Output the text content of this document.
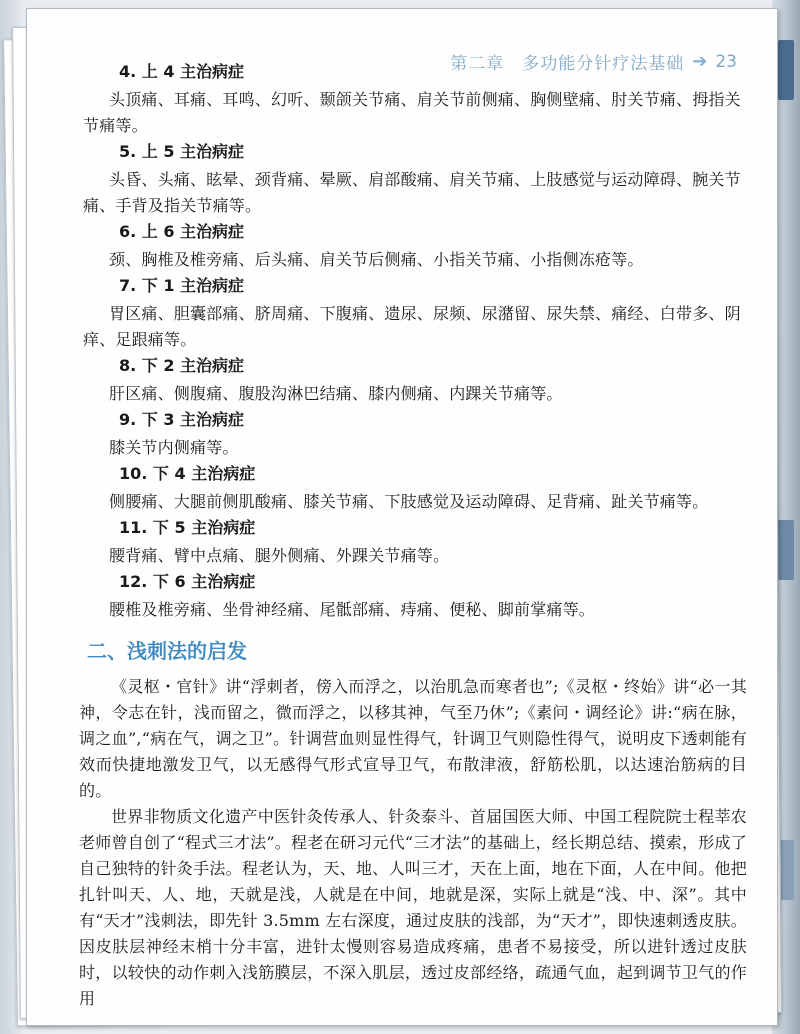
第二章　多功能分针疗法基础 ➔ 23

4. 上 4 主治病症

头顶痛、耳痛、耳鸣、幻听、颞颌关节痛、肩关节前侧痛、胸侧壁痛、肘关节痛、拇指关节痛等。

5. 上 5 主治病症

头昏、头痛、眩晕、颈背痛、晕厥、肩部酸痛、肩关节痛、上肢感觉与运动障碍、腕关节痛、手背及指关节痛等。

6. 上 6 主治病症

颈、胸椎及椎旁痛、后头痛、肩关节后侧痛、小指关节痛、小指侧冻疮等。

7. 下 1 主治病症

胃区痛、胆囊部痛、脐周痛、下腹痛、遗尿、尿频、尿潴留、尿失禁、痛经、白带多、阴痒、足跟痛等。

8. 下 2 主治病症

肝区痛、侧腹痛、腹股沟淋巴结痛、膝内侧痛、内踝关节痛等。

9. 下 3 主治病症

膝关节内侧痛等。

10. 下 4 主治病症

侧腰痛、大腿前侧肌酸痛、膝关节痛、下肢感觉及运动障碍、足背痛、趾关节痛等。

11. 下 5 主治病症

腰背痛、臂中点痛、腿外侧痛、外踝关节痛等。

12. 下 6 主治病症

腰椎及椎旁痛、坐骨神经痛、尾骶部痛、痔痛、便秘、脚前掌痛等。

二、浅刺法的启发

《灵枢・官针》讲“浮刺者，傍入而浮之，以治肌急而寒者也”;《灵枢・终始》讲“必一其神，令志在针，浅而留之，微而浮之，以移其神，气至乃休”;《素问・调经论》讲:“病在脉，调之血”,“病在气，调之卫”。针调营血则显性得气，针调卫气则隐性得气，说明皮下透刺能有效而快捷地激发卫气，以无感得气形式宣导卫气，布散津液，舒筋松肌，以达速治筋病的目的。

世界非物质文化遗产中医针灸传承人、针灸泰斗、首届国医大师、中国工程院院士程莘农老师曾自创了“程式三才法”。程老在研习元代“三才法”的基础上，经长期总结、摸索，形成了自己独特的针灸手法。程老认为，天、地、人叫三才，天在上面，地在下面，人在中间。他把扎针叫天、人、地，天就是浅，人就是在中间，地就是深，实际上就是“浅、中、深”。其中有“天才”浅刺法，即先针 3.5mm 左右深度，通过皮肤的浅部，为“天才”，即快速刺透皮肤。因皮肤层神经末梢十分丰富，进针太慢则容易造成疼痛，患者不易接受，所以进针透过皮肤时，以较快的动作刺入浅筋膜层，不深入肌层，透过皮部经络，疏通气血，起到调节卫气的作用
